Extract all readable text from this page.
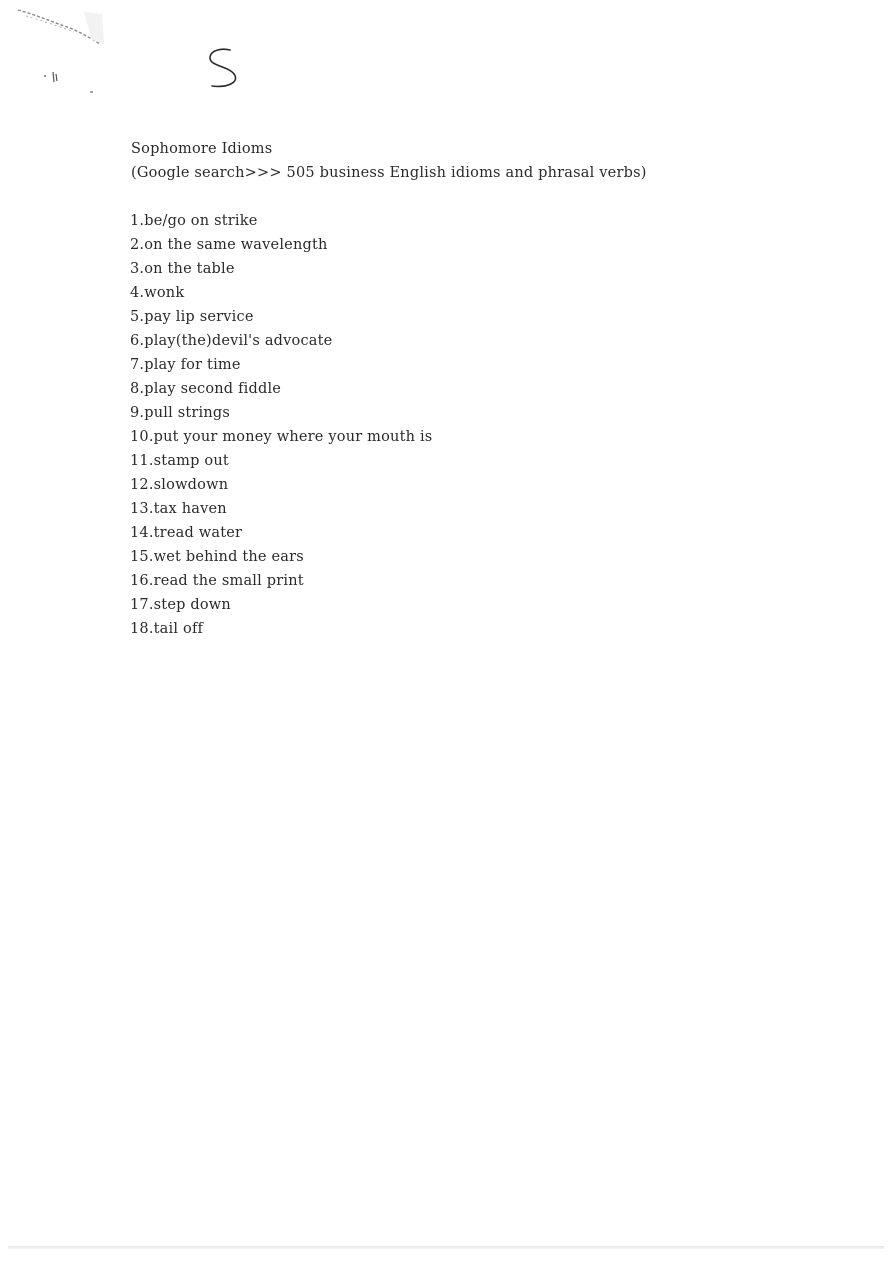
Sophomore Idioms
(Google search>>> 505 business English idioms and phrasal verbs)
1.be/go on strike
2.on the same wavelength
3.on the table
4.wonk
5.pay lip service
6.play(the)devil's advocate
7.play for time
8.play second fiddle
9.pull strings
10.put your money where your mouth is
11.stamp out
12.slowdown
13.tax haven
14.tread water
15.wet behind the ears
16.read the small print
17.step down
18.tail off
